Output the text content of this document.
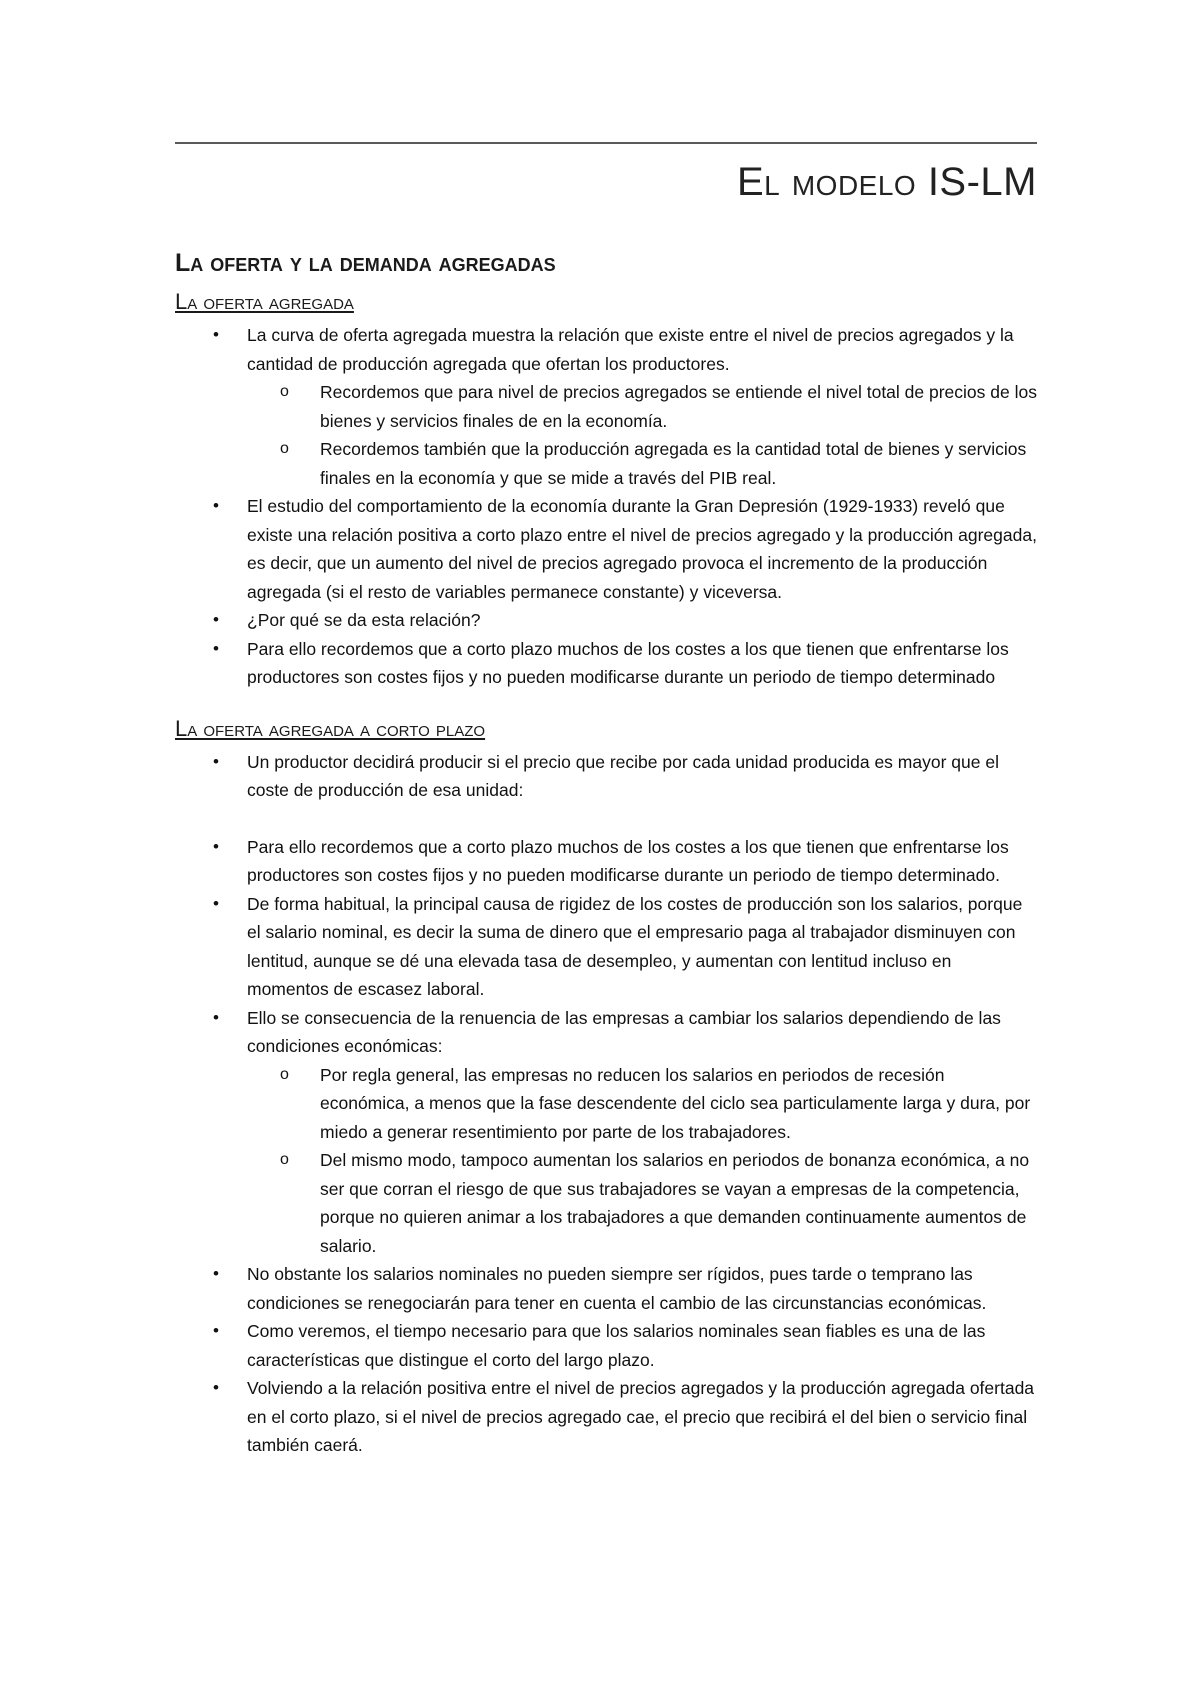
El modelo IS-LM
La oferta y la demanda agregadas
La oferta agregada
• La curva de oferta agregada muestra la relación que existe entre el nivel de precios agregados y la cantidad de producción agregada que ofertan los productores.
o Recordemos que para nivel de precios agregados se entiende el nivel total de precios de los bienes y servicios finales de en la economía.
o Recordemos también que la producción agregada es la cantidad total de bienes y servicios finales en la economía y que se mide a través del PIB real.
• El estudio del comportamiento de la economía durante la Gran Depresión (1929-1933) reveló que existe una relación positiva a corto plazo entre el nivel de precios agregado y la producción agregada, es decir, que un aumento del nivel de precios agregado provoca el incremento de la producción agregada (si el resto de variables permanece constante) y viceversa.
• ¿Por qué se da esta relación?
• Para ello recordemos que a corto plazo muchos de los costes a los que tienen que enfrentarse los productores son costes fijos y no pueden modificarse durante un periodo de tiempo determinado
La oferta agregada a corto plazo
• Un productor decidirá producir si el precio que recibe por cada unidad producida es mayor que el coste de producción de esa unidad:
• Para ello recordemos que a corto plazo muchos de los costes a los que tienen que enfrentarse los productores son costes fijos y no pueden modificarse durante un periodo de tiempo determinado.
• De forma habitual, la principal causa de rigidez de los costes de producción son los salarios, porque el salario nominal, es decir la suma de dinero que el empresario paga al trabajador disminuyen con lentitud, aunque se dé una elevada tasa de desempleo, y aumentan con lentitud incluso en momentos de escasez laboral.
• Ello se consecuencia de la renuencia de las empresas a cambiar los salarios dependiendo de las condiciones económicas:
o Por regla general, las empresas no reducen los salarios en periodos de recesión económica, a menos que la fase descendente del ciclo sea particulamente larga y dura, por miedo a generar resentimiento por parte de los trabajadores.
o Del mismo modo, tampoco aumentan los salarios en periodos de bonanza económica, a no ser que corran el riesgo de que sus trabajadores se vayan a empresas de la competencia, porque no quieren animar a los trabajadores a que demanden continuamente aumentos de salario.
• No obstante los salarios nominales no pueden siempre ser rígidos, pues tarde o temprano las condiciones se renegociarán para tener en cuenta el cambio de las circunstancias económicas.
• Como veremos, el tiempo necesario para que los salarios nominales sean fiables es una de las características que distingue el corto del largo plazo.
• Volviendo a la relación positiva entre el nivel de precios agregados y la producción agregada ofertada en el corto plazo, si el nivel de precios agregado cae, el precio que recibirá el del bien o servicio final también caerá.
